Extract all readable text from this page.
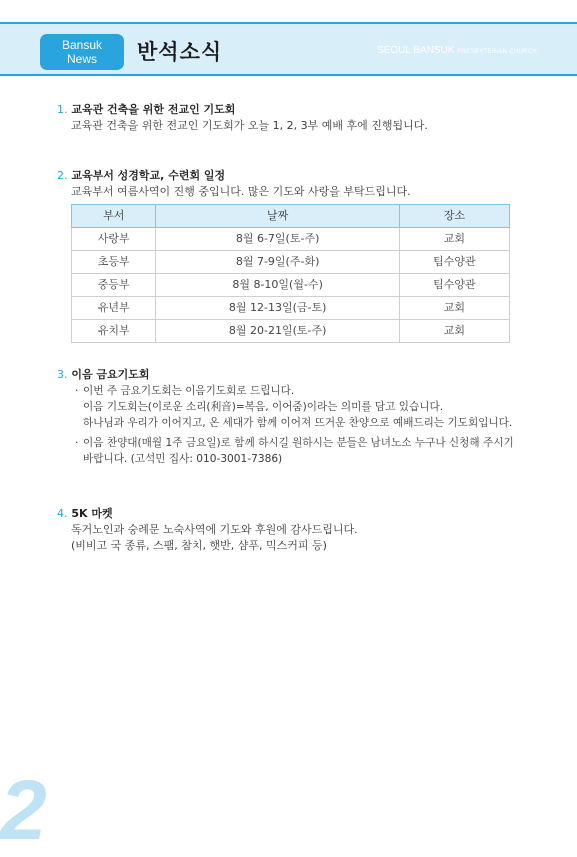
Bansuk
News	반석소식	SEOUL BANSUK PRESBYTERIAN CHURCH
1. 교육관 건축을 위한 전교인 기도회
교육관 건축을 위한 전교인 기도회가 오늘 1, 2, 3부 예배 후에 진행됩니다.
2. 교육부서 성경학교, 수련회 일정
교육부서 여름사역이 진행 중입니다. 많은 기도와 사랑을 부탁드립니다.
부서	날짜	장소
사랑부	8월 6-7일(토-주)	교회
초등부	8월 7-9일(주-화)	팀수양관
중등부	8월 8-10일(월-수)	팀수양관
유년부	8월 12-13일(금-토)	교회
유치부	8월 20-21일(토-주)	교회
3. 이음 금요기도회
· 이번 주 금요기도회는 이음기도회로 드립니다.
이음 기도회는(이로운 소리(利音)=복음, 이어줌)이라는 의미를 담고 있습니다.
하나님과 우리가 이어지고, 온 세대가 함께 이어져 뜨거운 찬양으로 예배드리는 기도회입니다.
· 이음 찬양대(매월 1주 금요일)로 함께 하시길 원하시는 분들은 남녀노소 누구나 신청해 주시기
바랍니다. (고석민 집사: 010-3001-7386)
4. 5K 마켓
독거노인과 숭례문 노숙사역에 기도와 후원에 감사드립니다.
(비비고 국 종류, 스팸, 참치, 햇반, 샴푸, 믹스커피 등)
2
